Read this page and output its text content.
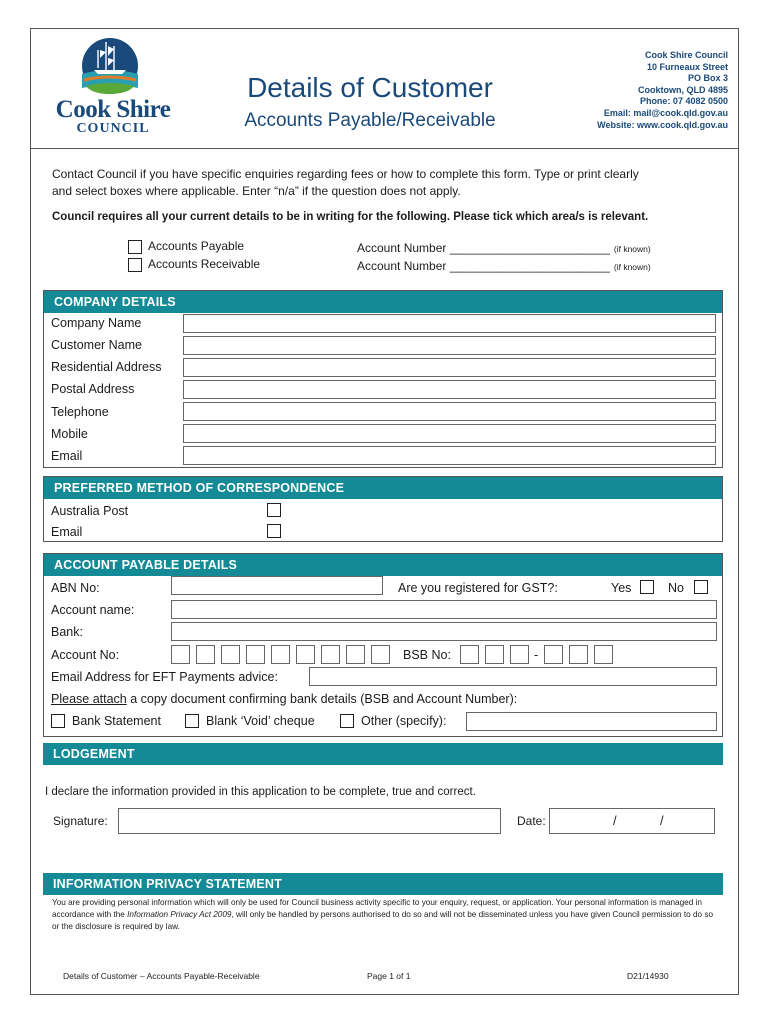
Cook Shire
COUNCIL
Details of Customer
Accounts Payable/Receivable
Cook Shire Council
10 Furneaux Street
PO Box 3
Cooktown, QLD 4895
Phone: 07 4082 0500
Email: mail@cook.qld.gov.au
Website: www.cook.qld.gov.au
Contact Council if you have specific enquiries regarding fees or how to complete this form. Type or print clearly
and select boxes where applicable. Enter “n/a” if the question does not apply.
Council requires all your current details to be in writing for the following. Please tick which area/s is relevant.
Accounts Payable	Account Number ________________________ (if known)
Accounts Receivable	Account Number ________________________ (if known)
COMPANY DETAILS
Company Name
Customer Name
Residential Address
Postal Address
Telephone
Mobile
Email
PREFERRED METHOD OF CORRESPONDENCE
Australia Post
Email
ACCOUNT PAYABLE DETAILS
ABN No:	Are you registered for GST?:	Yes	No
Account name:
Bank:
Account No:	BSB No:	-
Email Address for EFT Payments advice:
Please attach a copy document confirming bank details (BSB and Account Number):
Bank Statement	Blank ‘Void’ cheque	Other (specify):
LODGEMENT
I declare the information provided in this application to be complete, true and correct.
Signature:	Date:	/	/
INFORMATION PRIVACY STATEMENT
You are providing personal information which will only be used for Council business activity specific to your enquiry, request, or application. Your personal information is managed in accordance with the Information Privacy Act 2009, will only be handled by persons authorised to do so and will not be disseminated unless you have given Council permission to do so or the disclosure is required by law.
Details of Customer – Accounts Payable-Receivable	Page 1 of 1	D21/14930
